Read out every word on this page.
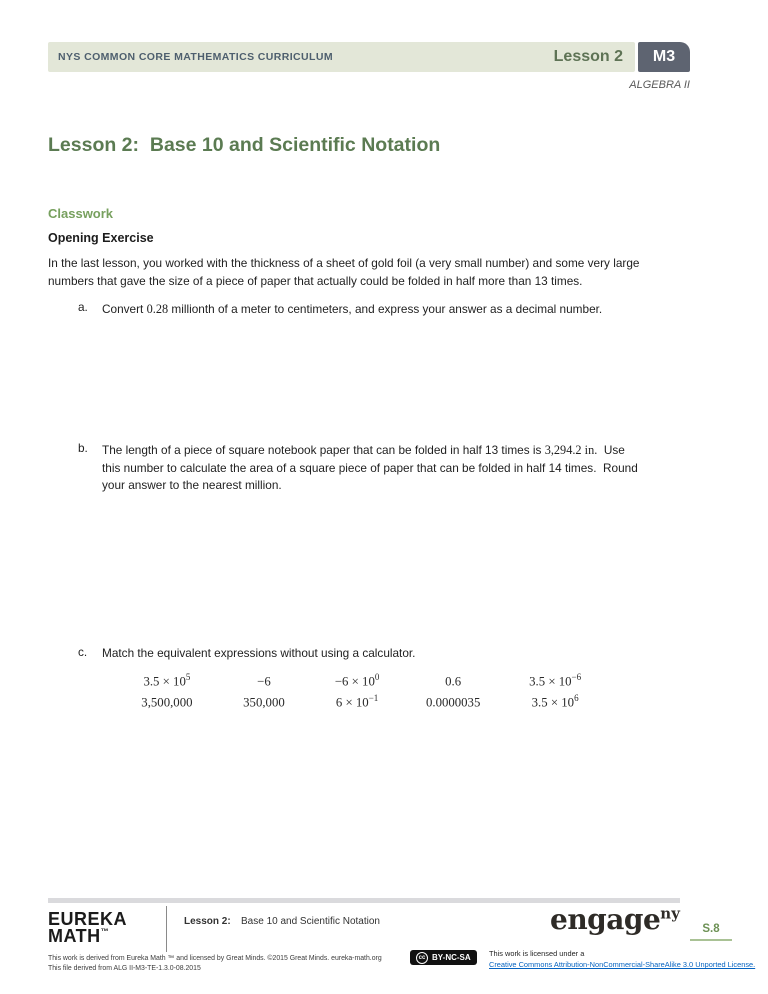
NYS COMMON CORE MATHEMATICS CURRICULUM	Lesson 2	M3
ALGEBRA II
Lesson 2:  Base 10 and Scientific Notation
Classwork
Opening Exercise

In the last lesson, you worked with the thickness of a sheet of gold foil (a very small number) and some very large numbers that gave the size of a piece of paper that actually could be folded in half more than 13 times.

a. Convert 0.28 millionth of a meter to centimeters, and express your answer as a decimal number.
b. The length of a piece of square notebook paper that can be folded in half 13 times is 3,294.2 in.  Use this number to calculate the area of a square piece of paper that can be folded in half 14 times.  Round your answer to the nearest million.
c. Match the equivalent expressions without using a calculator.
$3.5 \times 10^5$	−6	$-6 \times 10^0$	0.6	$3.5 \times 10^{-6}$
3,500,000	350,000	$6 \times 10^{-1}$	0.0000035	$3.5 \times 10^6$
EUREKA
MATH™
Lesson 2: Base 10 and Scientific Notation	engage$^{ny}$
S.8
This work is derived from Eureka Math ™ and licensed by Great Minds. ©2015 Great Minds. eureka-math.org
This file derived from ALG II-M3-TE-1.3.0-08.2015
cc BY-NC-SA This work is licensed under a
Creative Commons Attribution-NonCommercial-ShareAlike 3.0 Unported License.
